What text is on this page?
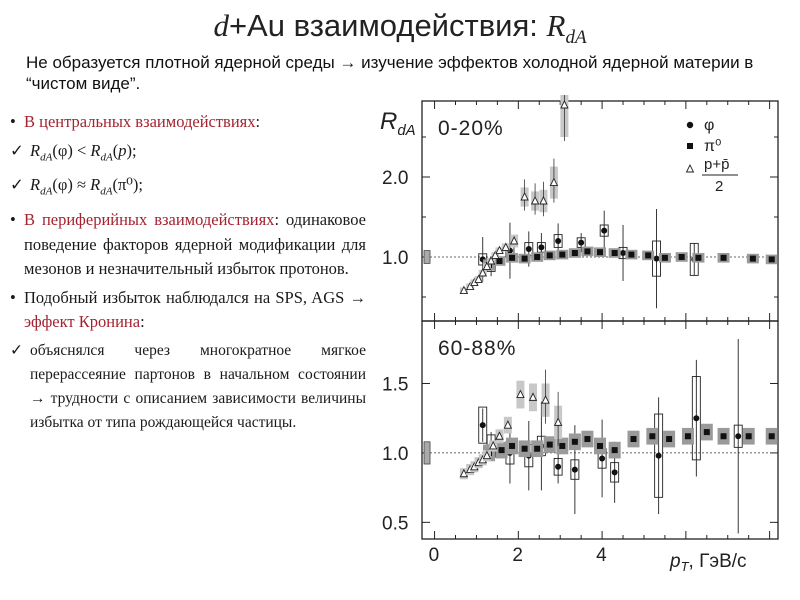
d+Au взаимодействия: $R_{dA}$
Не образуется плотной ядерной среды → изучение эффектов холодной ядерной материи в “чистом виде”.

• В центральных взаимодействиях:

✓ $R_{dA}(\varphi) < R_{dA}(p)$;

✓ $R_{dA}(\varphi) \approx R_{dA}(\pi^0)$;

• В периферийных взаимодействиях: одинаковое поведение факторов ядерной модификации для мезонов и незначительный избыток протонов.

• Подобный избыток наблюдался на SPS, AGS → эффект Кронина:

✓ объяснялся через многократное мягкое перерассеяние партонов в начальном состоянии → трудности с описанием зависимости величины избытка от типа рождающейся частицы.

1.0
2.0
0-20%
0.5
1.0
1.5
60-88%
$R_{dA}$	φ
π⁰
p+p̄
2
0	2	4	$p_T$, ГэВ/c
